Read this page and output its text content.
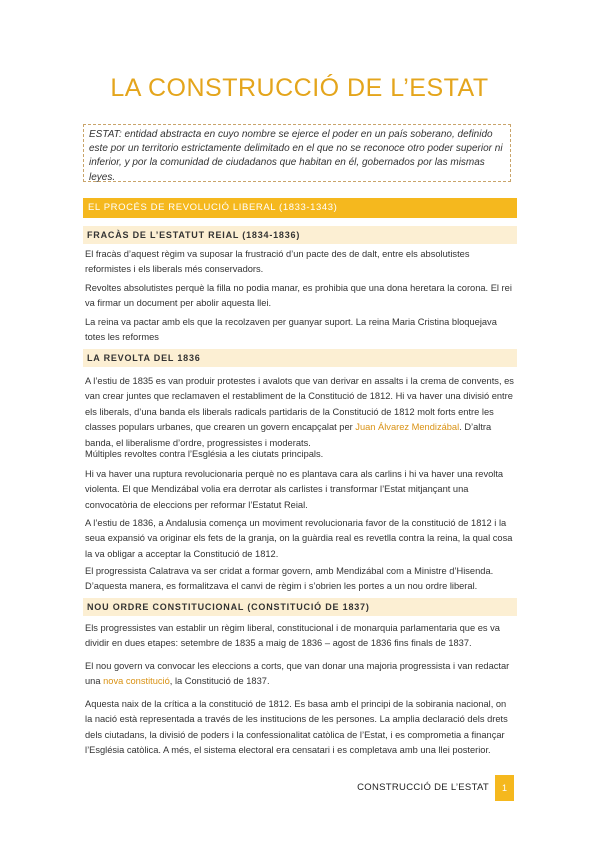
LA CONSTRUCCIÓ DE L’ESTAT

ESTAT: entidad abstracta en cuyo nombre se ejerce el poder en un país soberano, definido este por un territorio estrictamente delimitado en el que no se reconoce otro poder superior ni inferior, y por la comunidad de ciudadanos que habitan en él, gobernados por las mismas leyes.

EL PROCÉS DE REVOLUCIÓ LIBERAL (1833-1343)
FRACÀS DE L’ESTATUT REIAL (1834-1836)

El fracàs d’aquest règim va suposar la frustració d’un pacte des de dalt, entre els absolutistes reformistes i els liberals més conservadors.

Revoltes absolutistes perquè la filla no podia manar, es prohibia que una dona heretara la corona. El rei va firmar un document per abolir aquesta llei.

La reina va pactar amb els que la recolzaven per guanyar suport. La reina Maria Cristina bloquejava totes les reformes

LA REVOLTA DEL 1836

A l’estiu de 1835 es van produir protestes i avalots que van derivar en assalts i la crema de convents, es van crear juntes que reclamaven el restabliment de la Constitució de 1812. Hi va haver una divisió entre els liberals, d’una banda els liberals radicals partidaris de la Constitució de 1812 molt forts entre les classes populars urbanes, que crearen un govern encapçalat per Juan Álvarez Mendizábal. D’altra banda, el liberalisme d’ordre, progressistes i moderats.

Múltiples revoltes contra l’Església a les ciutats principals.

Hi va haver una ruptura revolucionaria perquè no es plantava cara als carlins i hi va haver una revolta violenta. El que Mendizábal volia era derrotar als carlistes i transformar l’Estat mitjançant una convocatòria de eleccions per reformar l’Estatut Reial.

A l’estiu de 1836, a Andalusia comença un moviment revolucionaria favor de la constitució de 1812 i la seua expansió va originar els fets de la granja, on la guàrdia real es revetlla contra la reina, la qual cosa la va obligar a acceptar la Constitució de 1812.

El progressista Calatrava va ser cridat a formar govern, amb Mendizábal com a Ministre d’Hisenda. D’aquesta manera, es formalitzava el canvi de règim i s’obrien les portes a un nou ordre liberal.

NOU ORDRE CONSTITUCIONAL (CONSTITUCIÓ DE 1837)

Els progressistes van establir un règim liberal, constitucional i de monarquia parlamentaria que es va dividir en dues etapes: setembre de 1835 a maig de 1836 – agost de 1836 fins finals de 1837.

El nou govern va convocar les eleccions a corts, que van donar una majoria progressista i van redactar una nova constitució, la Constitució de 1837.

Aquesta naix de la crítica a la constitució de 1812. Es basa amb el principi de la sobirania nacional, on la nació està representada a través de les institucions de les persones. La amplia declaració dels drets dels ciutadans, la divisió de poders i la confessionalitat catòlica de l’Estat, i es comprometia a finançar l’Església catòlica. A més, el sistema electoral era censatari i es completava amb una llei posterior.

CONSTRUCCIÓ DE L’ESTAT	1
